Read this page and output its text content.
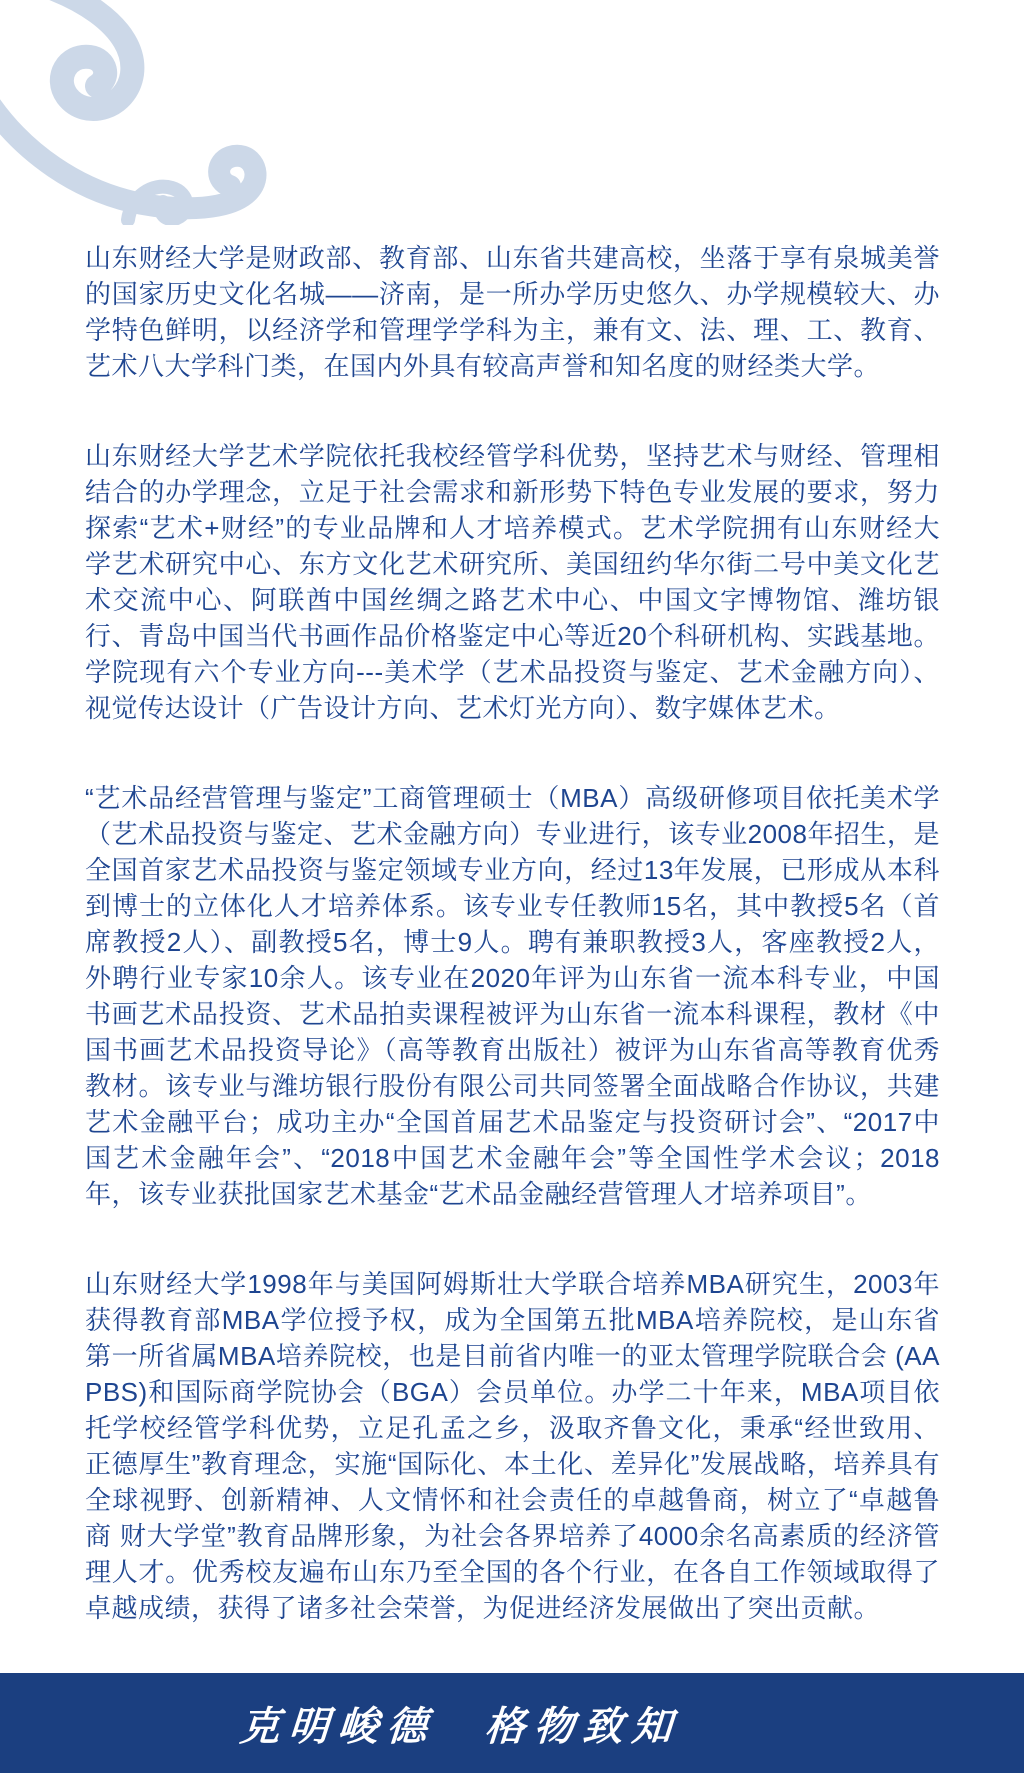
山东财经大学是财政部、教育部、山东省共建高校，坐落于享有泉城美誉的国家历史文化名城——济南，是一所办学历史悠久、办学规模较大、办学特色鲜明，以经济学和管理学学科为主，兼有文、法、理、工、教育、艺术八大学科门类，在国内外具有较高声誉和知名度的财经类大学。

山东财经大学艺术学院依托我校经管学科优势，坚持艺术与财经、管理相结合的办学理念，立足于社会需求和新形势下特色专业发展的要求，努力探索“艺术+财经”的专业品牌和人才培养模式。艺术学院拥有山东财经大学艺术研究中心、东方文化艺术研究所、美国纽约华尔街二号中美文化艺术交流中心、阿联酋中国丝绸之路艺术中心、中国文字博物馆、潍坊银行、青岛中国当代书画作品价格鉴定中心等近20个科研机构、实践基地。学院现有六个专业方向---美术学（艺术品投资与鉴定、艺术金融方向）、视觉传达设计（广告设计方向、艺术灯光方向）、数字媒体艺术。

“艺术品经营管理与鉴定”工商管理硕士（MBA）高级研修项目依托美术学（艺术品投资与鉴定、艺术金融方向）专业进行，该专业2008年招生，是全国首家艺术品投资与鉴定领域专业方向，经过13年发展，已形成从本科到博士的立体化人才培养体系。该专业专任教师15名，其中教授5名（首席教授2人）、副教授5名，博士9人。聘有兼职教授3人，客座教授2人，外聘行业专家10余人。该专业在2020年评为山东省一流本科专业，中国书画艺术品投资、艺术品拍卖课程被评为山东省一流本科课程，教材《中国书画艺术品投资导论》（高等教育出版社）被评为山东省高等教育优秀教材。该专业与潍坊银行股份有限公司共同签署全面战略合作协议，共建艺术金融平台；成功主办“全国首届艺术品鉴定与投资研讨会”、“2017中国艺术金融年会”、“2018中国艺术金融年会”等全国性学术会议；2018年，该专业获批国家艺术基金“艺术品金融经营管理人才培养项目”。

山东财经大学1998年与美国阿姆斯壮大学联合培养MBA研究生，2003年获得教育部MBA学位授予权，成为全国第五批MBA培养院校，是山东省第一所省属MBA培养院校，也是目前省内唯一的亚太管理学院联合会 (AAPBS)和国际商学院协会（BGA）会员单位。办学二十年来，MBA项目依托学校经管学科优势，立足孔孟之乡，汲取齐鲁文化，秉承“经世致用、正德厚生”教育理念，实施“国际化、本土化、差异化”发展战略，培养具有全球视野、创新精神、人文情怀和社会责任的卓越鲁商，树立了“卓越鲁商 财大学堂”教育品牌形象，为社会各界培养了4000余名高素质的经济管理人才。优秀校友遍布山东乃至全国的各个行业，在各自工作领域取得了卓越成绩，获得了诸多社会荣誉，为促进经济发展做出了突出贡献。

克明峻德　格物致知
